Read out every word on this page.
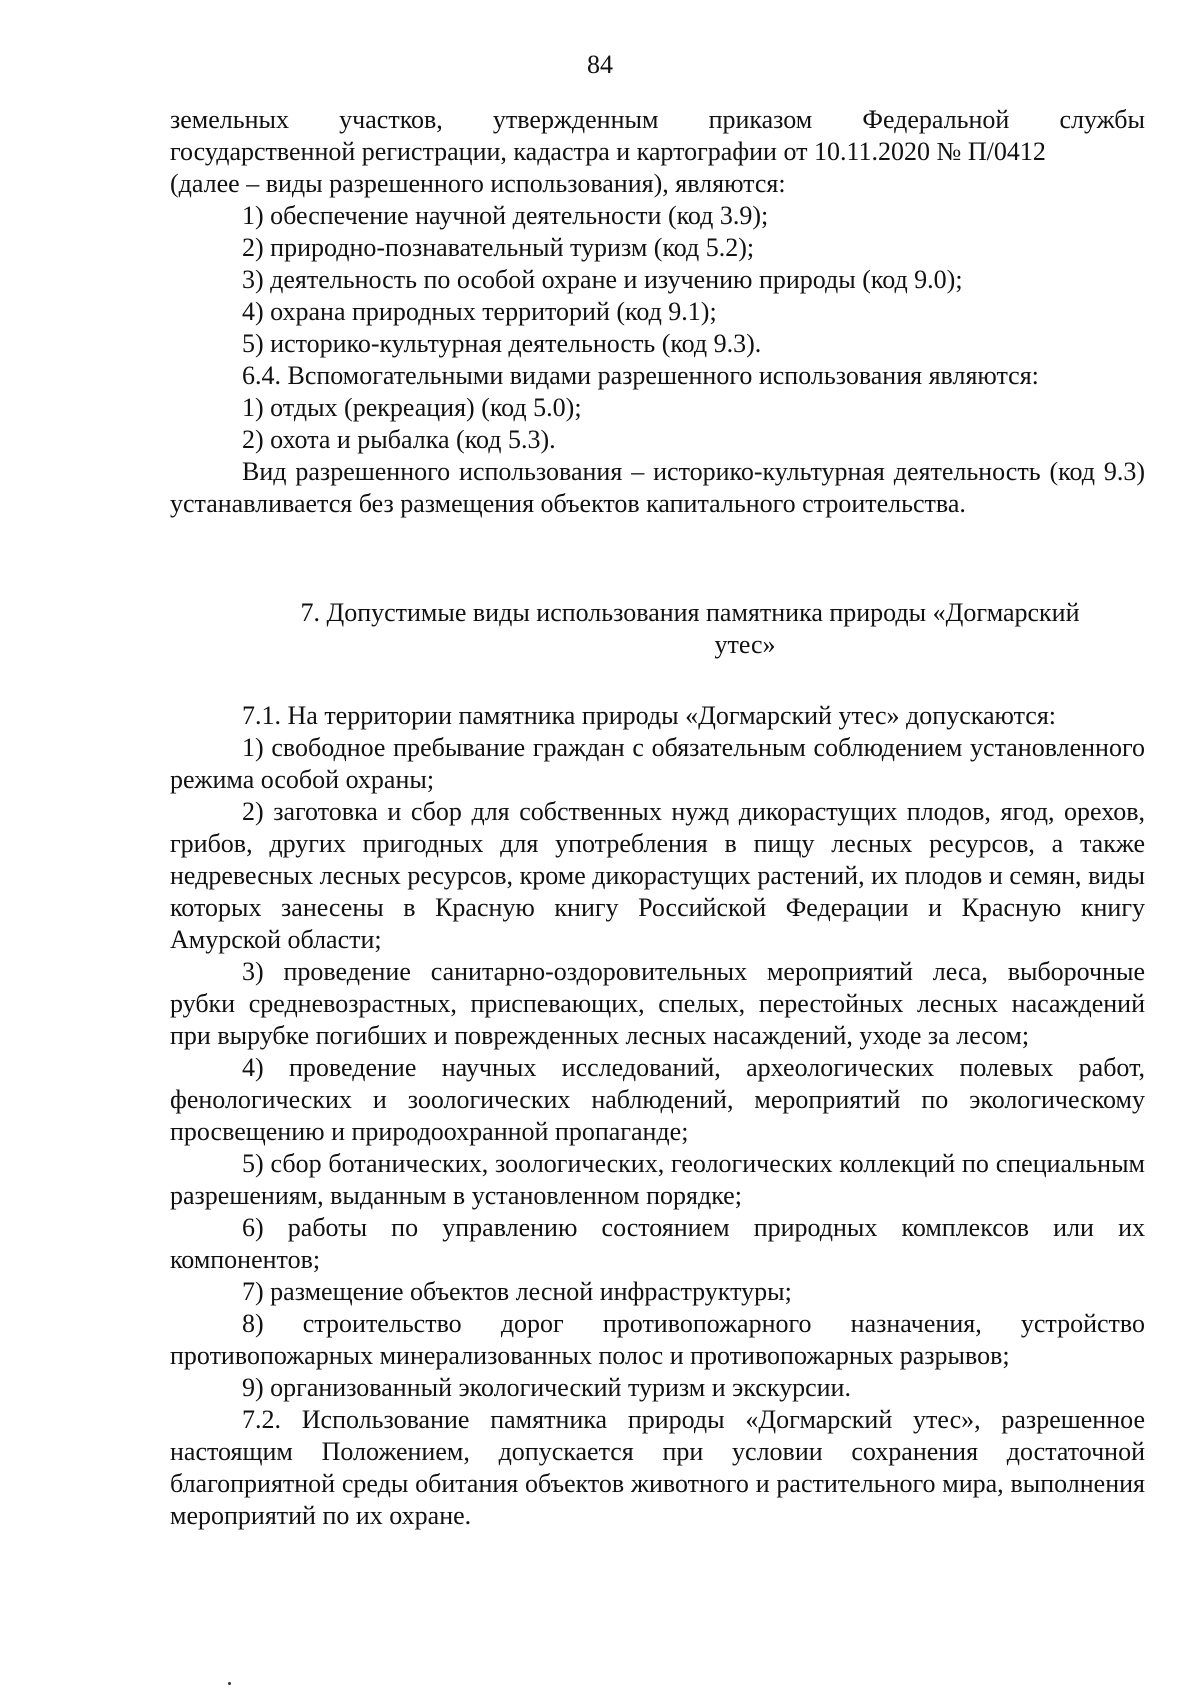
84
земельных участков, утвержденным приказом Федеральной службы
государственной регистрации, кадастра и картографии от 10.11.2020 № П/0412
(далее – виды разрешенного использования), являются:
1) обеспечение научной деятельности (код 3.9);
2) природно-познавательный туризм (код 5.2);
3) деятельность по особой охране и изучению природы (код 9.0);
4) охрана природных территорий (код 9.1);
5) историко-культурная деятельность (код 9.3).
6.4. Вспомогательными видами разрешенного использования являются:
1) отдых (рекреация) (код 5.0);
2) охота и рыбалка (код 5.3).
Вид разрешенного использования – историко-культурная деятельность (код 9.3) устанавливается без размещения объектов капитального строительства.
7. Допустимые виды использования памятника природы «Догмарский
утес»
7.1. На территории памятника природы «Догмарский утес» допускаются:
1) свободное пребывание граждан с обязательным соблюдением установленного режима особой охраны;
2) заготовка и сбор для собственных нужд дикорастущих плодов, ягод, орехов, грибов, других пригодных для употребления в пищу лесных ресурсов, а также недревесных лесных ресурсов, кроме дикорастущих растений, их плодов и семян, виды которых занесены в Красную книгу Российской Федерации и Красную книгу Амурской области;
3) проведение санитарно-оздоровительных мероприятий леса, выборочные рубки средневозрастных, приспевающих, спелых, перестойных лесных насаждений при вырубке погибших и поврежденных лесных насаждений, уходе за лесом;
4) проведение научных исследований, археологических полевых работ, фенологических и зоологических наблюдений, мероприятий по экологическому просвещению и природоохранной пропаганде;
5) сбор ботанических, зоологических, геологических коллекций по специальным разрешениям, выданным в установленном порядке;
6) работы по управлению состоянием природных комплексов или их компонентов;
7) размещение объектов лесной инфраструктуры;
8) строительство дорог противопожарного назначения, устройство противопожарных минерализованных полос и противопожарных разрывов;
9) организованный экологический туризм и экскурсии.
7.2. Использование памятника природы «Догмарский утес», разрешенное настоящим Положением, допускается при условии сохранения достаточной благоприятной среды обитания объектов животного и растительного мира, выполнения мероприятий по их охране.
